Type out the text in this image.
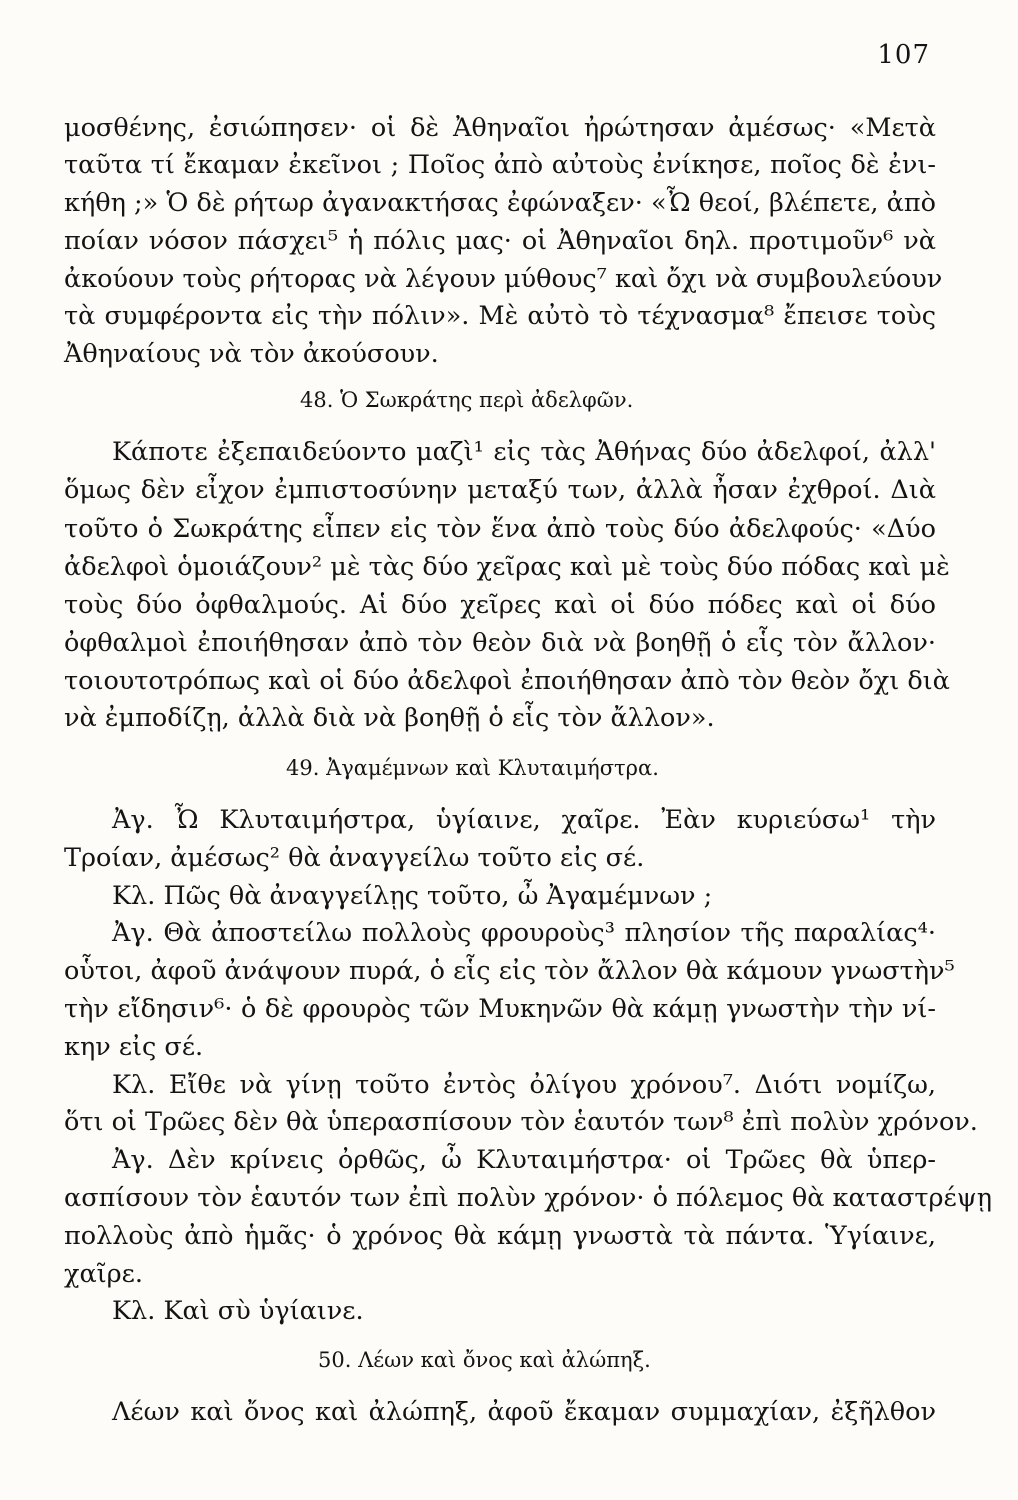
107
μοσθένης, ἐσιώπησεν· οἱ δὲ Ἀθηναῖοι ἠρώτησαν ἀμέσως· «Μετὰ
ταῦτα τί ἔκαμαν ἐκεῖνοι ; Ποῖος ἀπὸ αὐτοὺς ἐνίκησε, ποῖος δὲ ἐνι-
κήθη ;» Ὁ δὲ ρήτωρ ἀγανακτήσας ἐφώναξεν· «Ὦ θεοί, βλέπετε, ἀπὸ
ποίαν νόσον πάσχει⁵ ἡ πόλις μας· οἱ Ἀθηναῖοι δηλ. προτιμοῦν⁶ νὰ
ἀκούουν τοὺς ρήτορας νὰ λέγουν μύθους⁷ καὶ ὄχι νὰ συμβουλεύουν
τὰ συμφέροντα εἰς τὴν πόλιν». Μὲ αὐτὸ τὸ τέχνασμα⁸ ἔπεισε τοὺς
Ἀθηναίους νὰ τὸν ἀκούσουν.
48. Ὁ Σωκράτης περὶ ἀδελφῶν.
Κάποτε ἐξεπαιδεύοντο μαζὶ¹ εἰς τὰς Ἀθήνας δύο ἀδελφοί, ἀλλ'
ὅμως δὲν εἶχον ἐμπιστοσύνην μεταξύ των, ἀλλὰ ἦσαν ἐχθροί. Διὰ
τοῦτο ὁ Σωκράτης εἶπεν εἰς τὸν ἕνα ἀπὸ τοὺς δύο ἀδελφούς· «Δύο
ἀδελφοὶ ὁμοιάζουν² μὲ τὰς δύο χεῖρας καὶ μὲ τοὺς δύο πόδας καὶ μὲ
τοὺς δύο ὀφθαλμούς. Αἱ δύο χεῖρες καὶ οἱ δύο πόδες καὶ οἱ δύο
ὀφθαλμοὶ ἐποιήθησαν ἀπὸ τὸν θεὸν διὰ νὰ βοηθῇ ὁ εἷς τὸν ἄλλον·
τοιουτοτρόπως καὶ οἱ δύο ἀδελφοὶ ἐποιήθησαν ἀπὸ τὸν θεὸν ὄχι διὰ
νὰ ἐμποδίζῃ, ἀλλὰ διὰ νὰ βοηθῇ ὁ εἷς τὸν ἄλλον».
49. Ἀγαμέμνων καὶ Κλυταιμήστρα.
Ἀγ. Ὦ Κλυταιμήστρα, ὑγίαινε, χαῖρε. Ἐὰν κυριεύσω¹ τὴν
Τροίαν, ἀμέσως² θὰ ἀναγγείλω τοῦτο εἰς σέ.
Κλ. Πῶς θὰ ἀναγγείλῃς τοῦτο, ὦ Ἀγαμέμνων ;
Ἀγ. Θὰ ἀποστείλω πολλοὺς φρουροὺς³ πλησίον τῆς παραλίας⁴·
οὗτοι, ἀφοῦ ἀνάψουν πυρά, ὁ εἷς εἰς τὸν ἄλλον θὰ κάμουν γνωστὴν⁵
τὴν εἴδησιν⁶· ὁ δὲ φρουρὸς τῶν Μυκηνῶν θὰ κάμῃ γνωστὴν τὴν νί-
κην εἰς σέ.
Κλ. Εἴθε νὰ γίνῃ τοῦτο ἐντὸς ὀλίγου χρόνου⁷. Διότι νομίζω,
ὅτι οἱ Τρῶες δὲν θὰ ὑπερασπίσουν τὸν ἑαυτόν των⁸ ἐπὶ πολὺν χρόνον.
Ἀγ. Δὲν κρίνεις ὀρθῶς, ὦ Κλυταιμήστρα· οἱ Τρῶες θὰ ὑπερ-
ασπίσουν τὸν ἑαυτόν των ἐπὶ πολὺν χρόνον· ὁ πόλεμος θὰ καταστρέψῃ
πολλοὺς ἀπὸ ἡμᾶς· ὁ χρόνος θὰ κάμῃ γνωστὰ τὰ πάντα. Ὑγίαινε,
χαῖρε.
Κλ. Καὶ σὺ ὑγίαινε.
50. Λέων καὶ ὄνος καὶ ἀλώπηξ.
Λέων καὶ ὄνος καὶ ἀλώπηξ, ἀφοῦ ἔκαμαν συμμαχίαν, ἐξῆλθον
